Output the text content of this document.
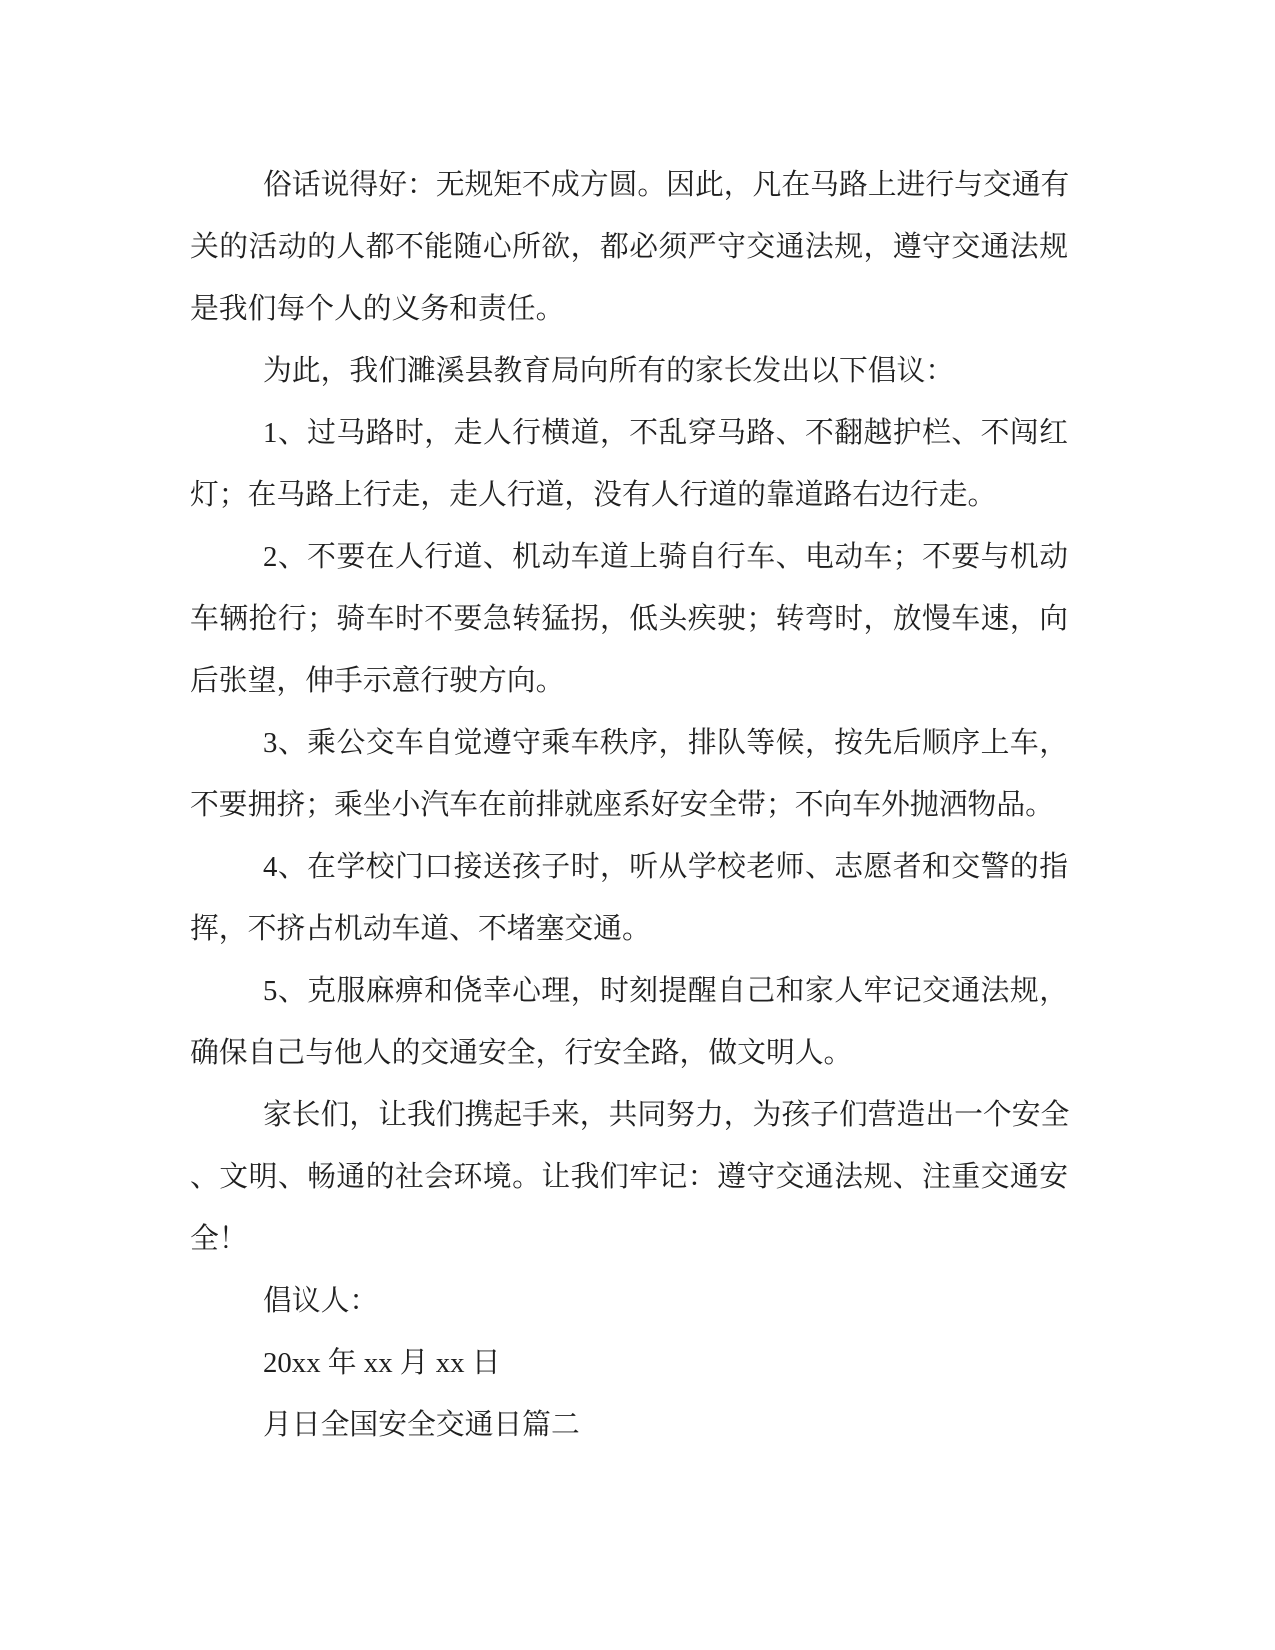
俗话说得好：无规矩不成方圆。因此，凡在马路上进行与交通有
关的活动的人都不能随心所欲，都必须严守交通法规，遵守交通法规
是我们每个人的义务和责任。
为此，我们濉溪县教育局向所有的家长发出以下倡议：
1、过马路时，走人行横道，不乱穿马路、不翻越护栏、不闯红
灯；在马路上行走，走人行道，没有人行道的靠道路右边行走。
2、不要在人行道、机动车道上骑自行车、电动车；不要与机动
车辆抢行；骑车时不要急转猛拐，低头疾驶；转弯时，放慢车速，向
后张望，伸手示意行驶方向。
3、乘公交车自觉遵守乘车秩序，排队等候，按先后顺序上车，
不要拥挤；乘坐小汽车在前排就座系好安全带；不向车外抛洒物品。
4、在学校门口接送孩子时，听从学校老师、志愿者和交警的指
挥，不挤占机动车道、不堵塞交通。
5、克服麻痹和侥幸心理，时刻提醒自己和家人牢记交通法规，
确保自己与他人的交通安全，行安全路，做文明人。
家长们，让我们携起手来，共同努力，为孩子们营造出一个安全
、文明、畅通的社会环境。让我们牢记：遵守交通法规、注重交通安
全！
倡议人：
20xx 年 xx 月 xx 日
月日全国安全交通日篇二
